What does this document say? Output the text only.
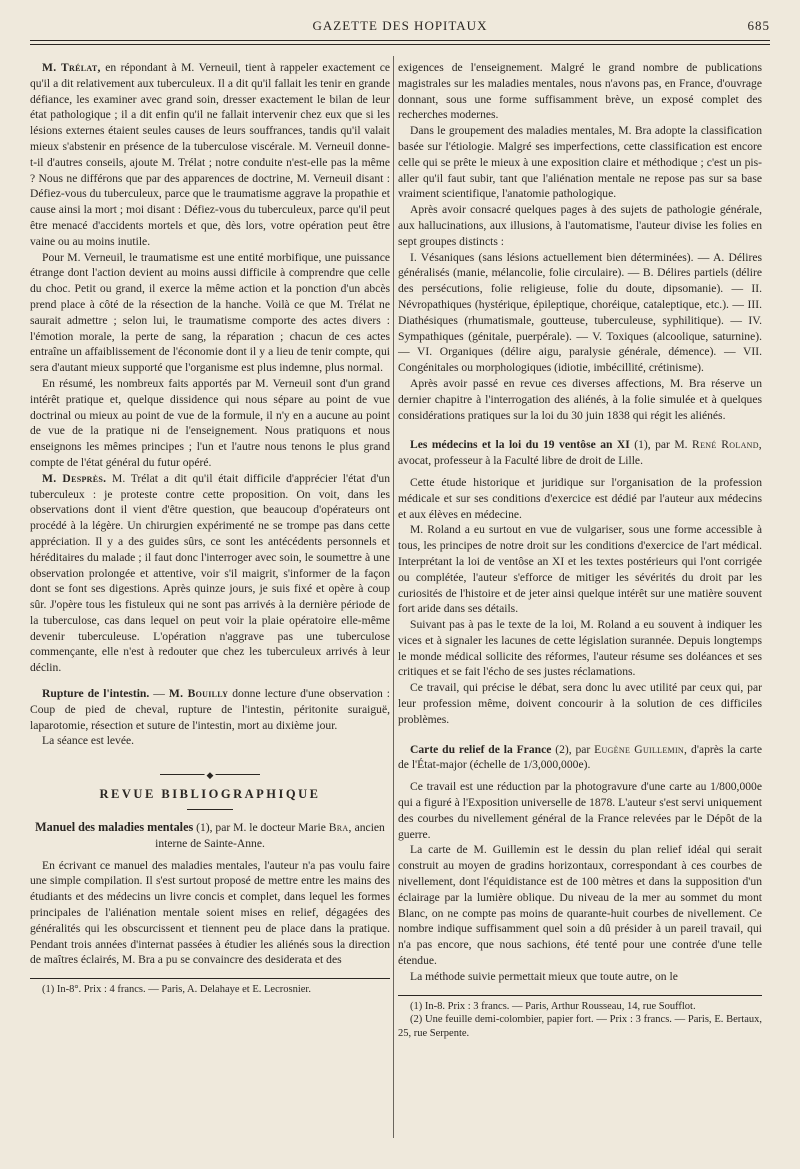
GAZETTE DES HOPITAUX	685

M. Trélat, en répondant à M. Verneuil, tient à rappeler exactement ce qu'il a dit relativement aux tuberculeux. Il a dit qu'il fallait les tenir en grande défiance, les examiner avec grand soin, dresser exactement le bilan de leur état pathologique ; il a dit enfin qu'il ne fallait intervenir chez eux que si les lésions externes étaient seules causes de leurs souffrances, tandis qu'il valait mieux s'abstenir en présence de la tuberculose viscérale. M. Verneuil donne-t-il d'autres conseils, ajoute M. Trélat ; notre conduite n'est-elle pas la même ? Nous ne différons que par des apparences de doctrine, M. Verneuil disant : Défiez-vous du tuberculeux, parce que le traumatisme aggrave la propathie et cause ainsi la mort ; moi disant : Défiez-vous du tuberculeux, parce qu'il peut être menacé d'accidents mortels et que, dès lors, votre opération peut être vaine ou au moins inutile.

Pour M. Verneuil, le traumatisme est une entité morbifique, une puissance étrange dont l'action devient au moins aussi difficile à comprendre que celle du choc. Petit ou grand, il exerce la même action et la ponction d'un abcès prend place à côté de la résection de la hanche. Voilà ce que M. Trélat ne saurait admettre ; selon lui, le traumatisme comporte des actes divers : l'émotion morale, la perte de sang, la réparation ; chacun de ces actes entraîne un affaiblissement de l'économie dont il y a lieu de tenir compte, qui sera d'autant mieux supporté que l'organisme est plus indemne, plus normal.

En résumé, les nombreux faits apportés par M. Verneuil sont d'un grand intérêt pratique et, quelque dissidence qui nous sépare au point de vue doctrinal ou mieux au point de vue de la formule, il n'y en a aucune au point de vue de la pratique ni de l'enseignement. Nous pratiquons et nous enseignons les mêmes principes ; l'un et l'autre nous tenons le plus grand compte de l'état général du futur opéré.

M. Desprès. M. Trélat a dit qu'il était difficile d'apprécier l'état d'un tuberculeux : je proteste contre cette proposition. On voit, dans les observations dont il vient d'être question, que beaucoup d'opérateurs ont procédé à la légère. Un chirurgien expérimenté ne se trompe pas dans cette appréciation. Il y a des guides sûrs, ce sont les antécédents personnels et héréditaires du malade ; il faut donc l'interroger avec soin, le soumettre à une observation prolongée et attentive, voir s'il maigrit, s'informer de la façon dont se font ses digestions. Après quinze jours, je suis fixé et opère à coup sûr. J'opère tous les fistuleux qui ne sont pas arrivés à la dernière période de la tuberculose, cas dans lequel on peut voir la plaie opératoire elle-même devenir tuberculeuse. L'opération n'aggrave pas une tuberculose commençante, elle n'est à redouter que chez les tuberculeux arrivés à leur déclin.

Rupture de l'intestin. — M. Bouilly donne lecture d'une observation : Coup de pied de cheval, rupture de l'intestin, péritonite suraiguë, laparotomie, résection et suture de l'intestin, mort au dixième jour.

La séance est levée.

◆
REVUE BIBLIOGRAPHIQUE
Manuel des maladies mentales (1), par M. le docteur Marie Bra, ancien interne de Sainte-Anne.

En écrivant ce manuel des maladies mentales, l'auteur n'a pas voulu faire une simple compilation. Il s'est surtout proposé de mettre entre les mains des étudiants et des médecins un livre concis et complet, dans lequel les formes principales de l'aliénation mentale soient mises en relief, dégagées des généralités qui les obscurcissent et tiennent peu de place dans la pratique. Pendant trois années d'internat passées à étudier les aliénés sous la direction de maîtres éclairés, M. Bra a pu se convaincre des desiderata et des

(1) In-8°. Prix : 4 francs. — Paris, A. Delahaye et E. Lecrosnier.

exigences de l'enseignement. Malgré le grand nombre de publications magistrales sur les maladies mentales, nous n'avons pas, en France, d'ouvrage donnant, sous une forme suffisamment brève, un exposé complet des recherches modernes.

Dans le groupement des maladies mentales, M. Bra adopte la classification basée sur l'étiologie. Malgré ses imperfections, cette classification est encore celle qui se prête le mieux à une exposition claire et méthodique ; c'est un pis-aller qu'il faut subir, tant que l'aliénation mentale ne repose pas sur sa base vraiment scientifique, l'anatomie pathologique.

Après avoir consacré quelques pages à des sujets de pathologie générale, aux hallucinations, aux illusions, à l'automatisme, l'auteur divise les folies en sept groupes distincts :

I. Vésaniques (sans lésions actuellement bien déterminées). — A. Délires généralisés (manie, mélancolie, folie circulaire). — B. Délires partiels (délire des persécutions, folie religieuse, folie du doute, dipsomanie). — II. Névropathiques (hystérique, épileptique, choréique, cataleptique, etc.). — III. Diathésiques (rhumatismale, goutteuse, tuberculeuse, syphilitique). — IV. Sympathiques (génitale, puerpérale). — V. Toxiques (alcoolique, saturnine). — VI. Organiques (délire aigu, paralysie générale, démence). — VII. Congénitales ou morphologiques (idiotie, imbécillité, crétinisme).

Après avoir passé en revue ces diverses affections, M. Bra réserve un dernier chapitre à l'interrogation des aliénés, à la folie simulée et à quelques considérations pratiques sur la loi du 30 juin 1838 qui régit les aliénés.

Les médecins et la loi du 19 ventôse an XI (1), par M. René Roland, avocat, professeur à la Faculté libre de droit de Lille.

Cette étude historique et juridique sur l'organisation de la profession médicale et sur ses conditions d'exercice est dédié par l'auteur aux médecins et aux élèves en médecine.

M. Roland a eu surtout en vue de vulgariser, sous une forme accessible à tous, les principes de notre droit sur les conditions d'exercice de l'art médical. Interprétant la loi de ventôse an XI et les textes postérieurs qui l'ont corrigée ou complétée, l'auteur s'efforce de mitiger les sévérités du droit par les curiosités de l'histoire et de jeter ainsi quelque intérêt sur une matière souvent fort aride dans ses détails.

Suivant pas à pas le texte de la loi, M. Roland a eu souvent à indiquer les vices et à signaler les lacunes de cette législation surannée. Depuis longtemps le monde médical sollicite des réformes, l'auteur résume ses doléances et ses critiques et se fait l'écho de ses justes réclamations.

Ce travail, qui précise le débat, sera donc lu avec utilité par ceux qui, par leur profession même, doivent concourir à la solution de ces difficiles problèmes.

Carte du relief de la France (2), par Eugène Guillemin, d'après la carte de l'État-major (échelle de 1/3,000,000e).

Ce travail est une réduction par la photogravure d'une carte au 1/800,000e qui a figuré à l'Exposition universelle de 1878. L'auteur s'est servi uniquement des courbes du nivellement général de la France relevées par le Dépôt de la guerre.

La carte de M. Guillemin est le dessin du plan relief idéal qui serait construit au moyen de gradins horizontaux, correspondant à ces courbes de nivellement, dont l'équidistance est de 100 mètres et dans la supposition d'un éclairage par la lumière oblique. Du niveau de la mer au sommet du mont Blanc, on ne compte pas moins de quarante-huit courbes de nivellement. Ce nombre indique suffisamment quel soin a dû présider à un pareil travail, qui n'a pas encore, que nous sachions, été tenté pour une contrée d'une telle étendue.

La méthode suivie permettait mieux que toute autre, on le

(1) In-8. Prix : 3 francs. — Paris, Arthur Rousseau, 14, rue Soufflot.

(2) Une feuille demi-colombier, papier fort. — Prix : 3 francs. — Paris, E. Bertaux, 25, rue Serpente.
